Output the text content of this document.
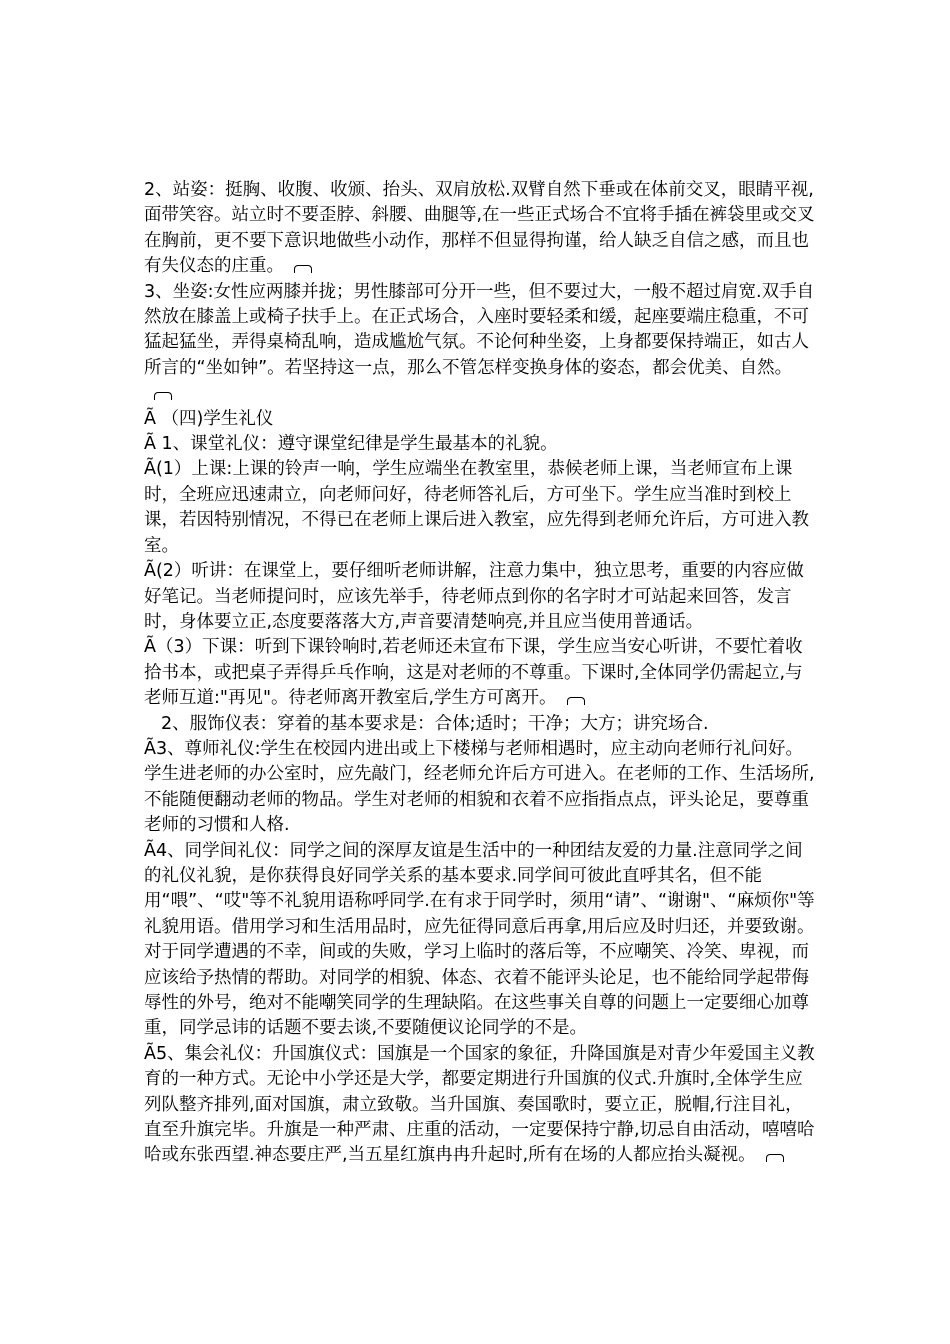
2、站姿：挺胸、收腹、收颁、抬头、双肩放松.双臂自然下垂或在体前交叉，眼睛平视,面带笑容。站立时不要歪脖、斜腰、曲腿等,在一些正式场合不宜将手插在裤袋里或交叉在胸前，更不要下意识地做些小动作，那样不但显得拘谨，给人缺乏自信之感，而且也有失仪态的庄重。

3、坐姿:女性应两膝并拢；男性膝部可分开一些，但不要过大，一般不超过肩宽.双手自然放在膝盖上或椅子扶手上。在正式场合，入座时要轻柔和缓，起座要端庄稳重，不可猛起猛坐，弄得桌椅乱响，造成尴尬气氛。不论何种坐姿，上身都要保持端正，如古人所言的“坐如钟”。若坚持这一点，那么不管怎样变换身体的姿态，都会优美、自然。

Ã （四)学生礼仪

Ã 1、课堂礼仪：遵守课堂纪律是学生最基本的礼貌。

Ã(1）上课:上课的铃声一响，学生应端坐在教室里，恭候老师上课，当老师宣布上课时，全班应迅速肃立，向老师问好，待老师答礼后，方可坐下。学生应当准时到校上课，若因特别情况，不得已在老师上课后进入教室，应先得到老师允许后，方可进入教室。

Ã(2）听讲：在课堂上，要仔细听老师讲解，注意力集中，独立思考，重要的内容应做好笔记。当老师提问时，应该先举手，待老师点到你的名字时才可站起来回答，发言时，身体要立正,态度要落落大方,声音要清楚响亮,并且应当使用普通话。

Ã（3）下课：听到下课铃响时,若老师还未宣布下课，学生应当安心听讲，不要忙着收拾书本，或把桌子弄得乒乓作响，这是对老师的不尊重。下课时,全体同学仍需起立,与老师互道:"再见"。待老师离开教室后,学生方可离开。

2、服饰仪表：穿着的基本要求是：合体;适时；干净；大方；讲究场合.

Ã3、尊师礼仪:学生在校园内进出或上下楼梯与老师相遇时，应主动向老师行礼问好。学生进老师的办公室时，应先敲门，经老师允许后方可进入。在老师的工作、生活场所,不能随便翻动老师的物品。学生对老师的相貌和衣着不应指指点点，评头论足，要尊重老师的习惯和人格.

Ã4、同学间礼仪：同学之间的深厚友谊是生活中的一种团结友爱的力量.注意同学之间的礼仪礼貌，是你获得良好同学关系的基本要求.同学间可彼此直呼其名，但不能用“喂”、“哎"等不礼貌用语称呼同学.在有求于同学时，须用“请”、“谢谢"、“麻烦你"等礼貌用语。借用学习和生活用品时，应先征得同意后再拿,用后应及时归还，并要致谢。对于同学遭遇的不幸，间或的失败，学习上临时的落后等，不应嘲笑、冷笑、卑视，而应该给予热情的帮助。对同学的相貌、体态、衣着不能评头论足，也不能给同学起带侮辱性的外号，绝对不能嘲笑同学的生理缺陷。在这些事关自尊的问题上一定要细心加尊重，同学忌讳的话题不要去谈,不要随便议论同学的不是。

Ã5、集会礼仪：升国旗仪式：国旗是一个国家的象征，升降国旗是对青少年爱国主义教育的一种方式。无论中小学还是大学，都要定期进行升国旗的仪式.升旗时,全体学生应列队整齐排列,面对国旗，肃立致敬。当升国旗、奏国歌时，要立正，脱帽,行注目礼，直至升旗完毕。升旗是一种严肃、庄重的活动，一定要保持宁静,切忌自由活动，嘻嘻哈哈或东张西望.神态要庄严,当五星红旗冉冉升起时,所有在场的人都应抬头凝视。
